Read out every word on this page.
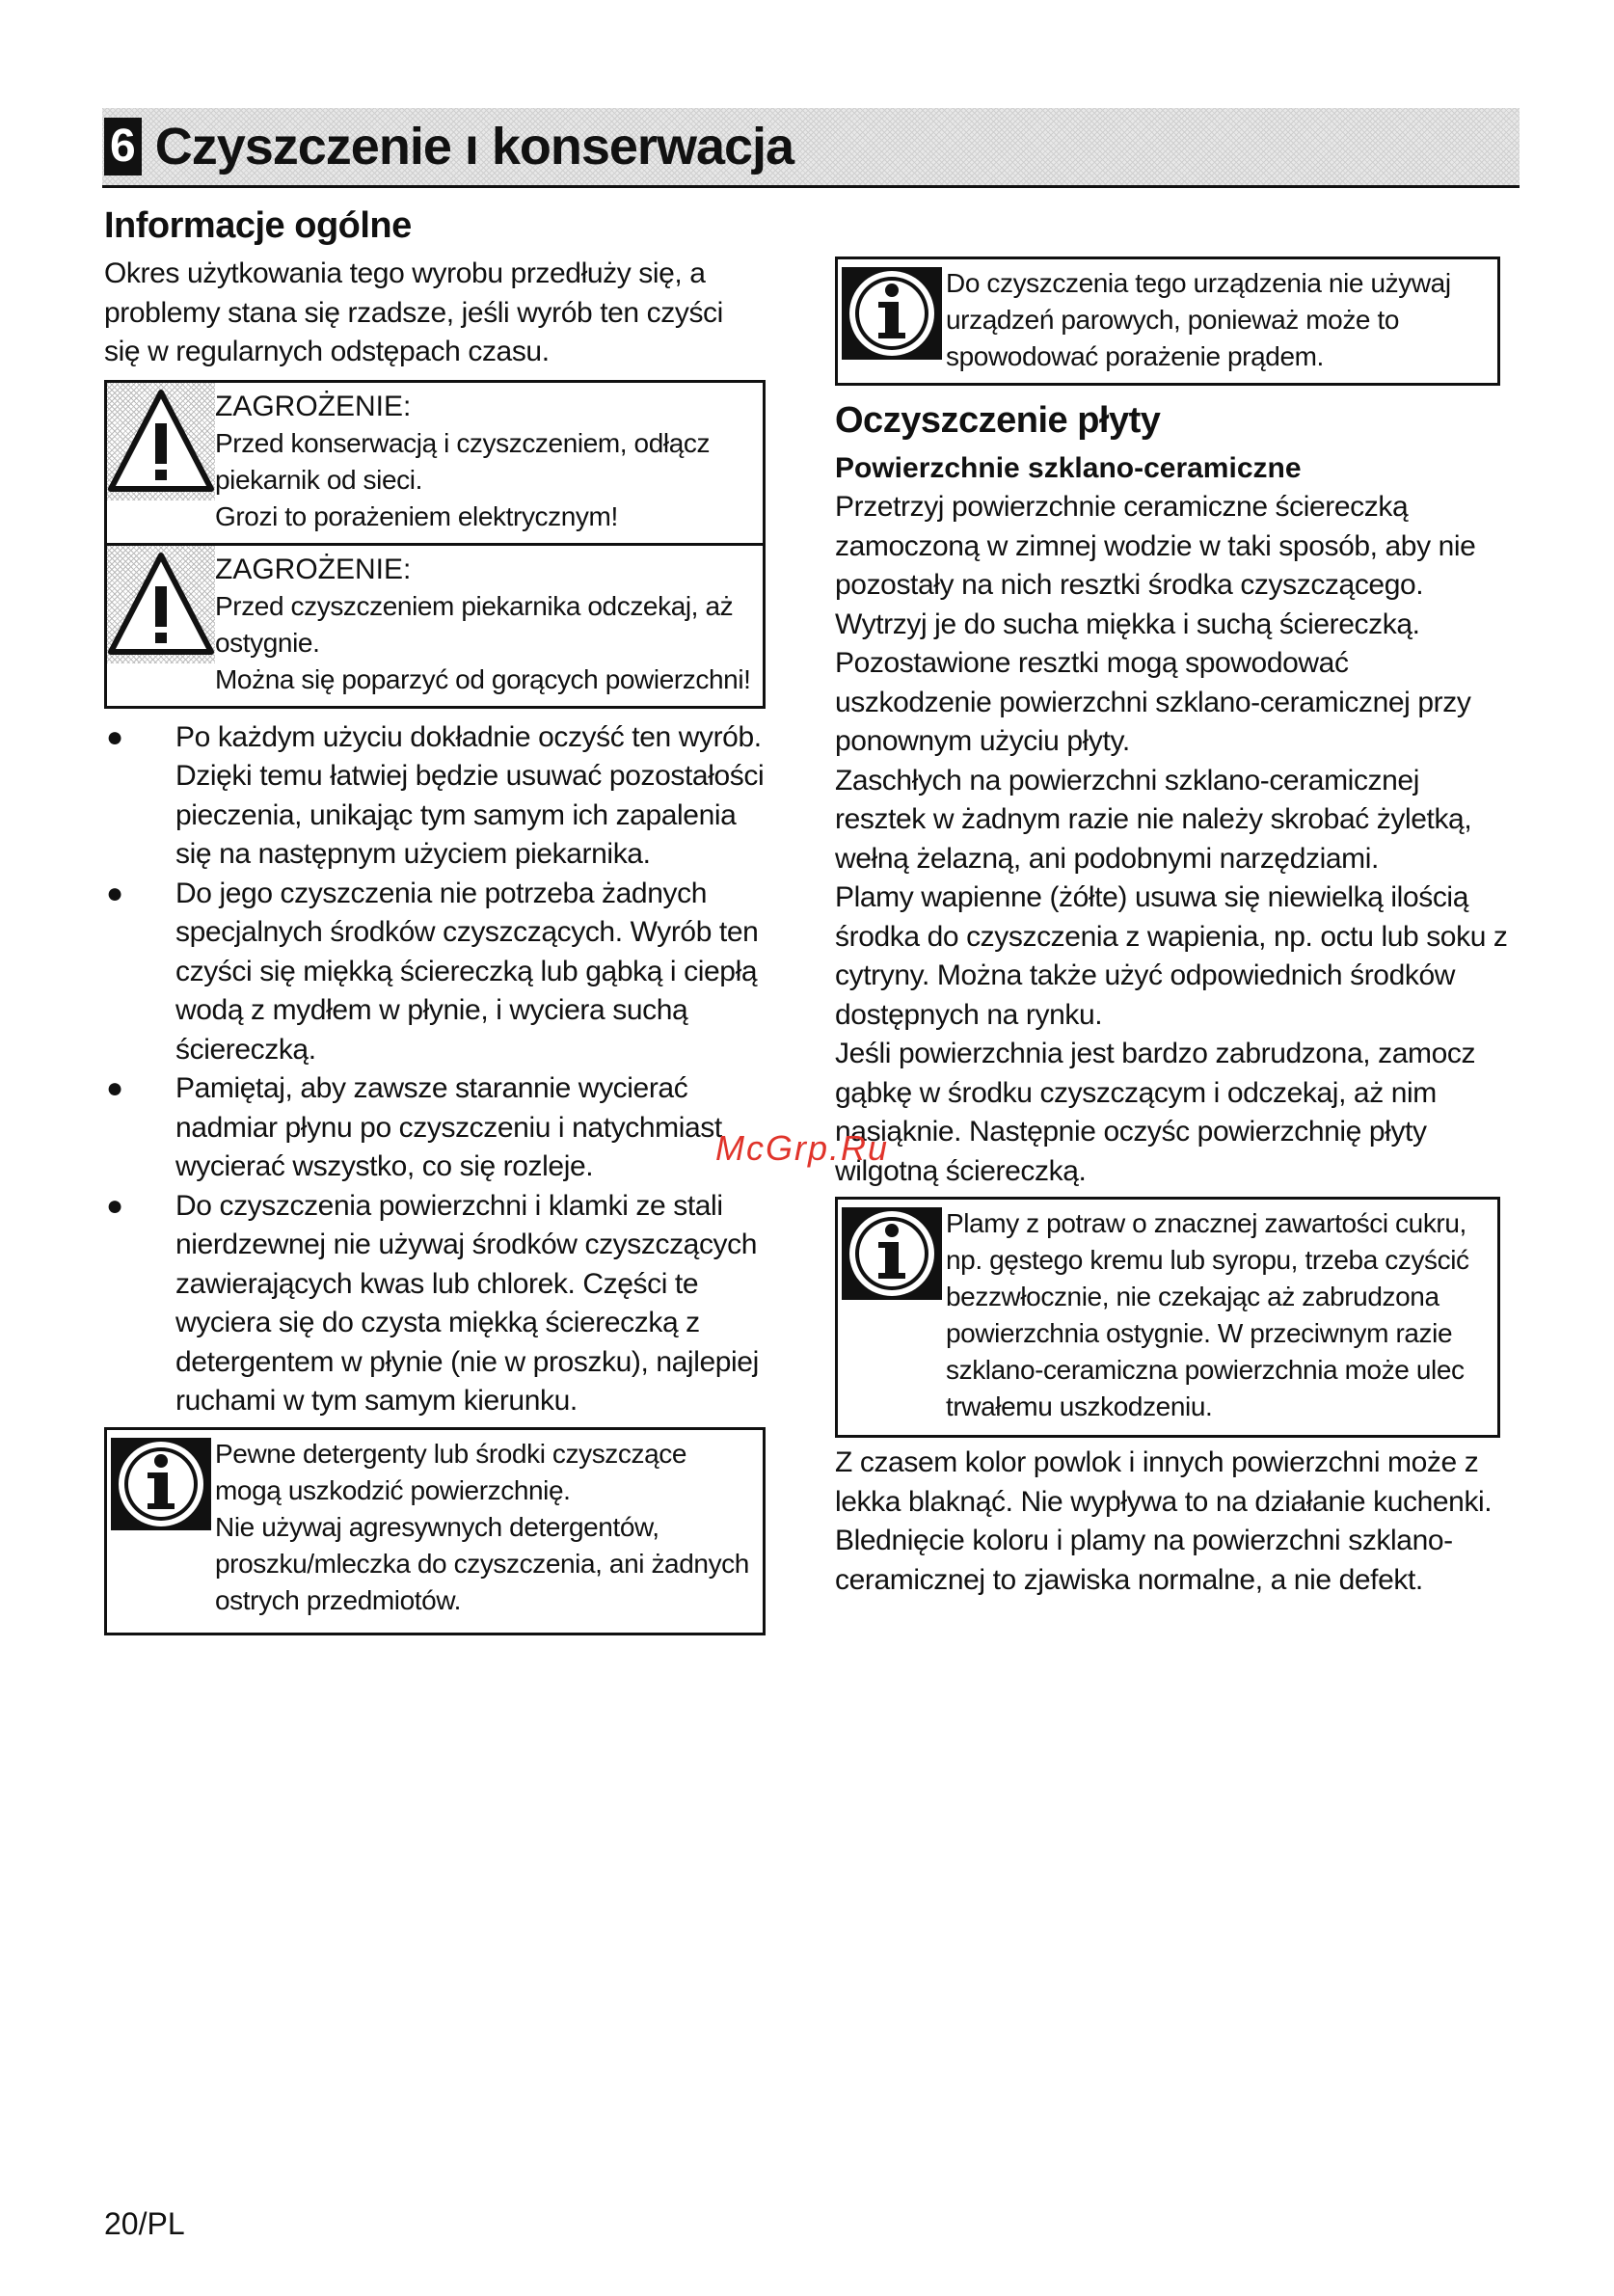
6 Czyszczenie ı konserwacja
Informacje ogólne

Okres użytkowania tego wyrobu przedłuży się, a problemy stana się rzadsze, jeśli wyrób ten czyści się w regularnych odstępach czasu.

ZAGROŻENIE:
Przed konserwacją i czyszczeniem, odłącz piekarnik od sieci.
Grozi to porażeniem elektrycznym!
ZAGROŻENIE:
Przed czyszczeniem piekarnika odczekaj, aż ostygnie.
Można się poparzyć od gorących powierzchni!
● Po każdym użyciu dokładnie oczyść ten wyrób. Dzięki temu łatwiej będzie usuwać pozostałości pieczenia, unikając tym samym ich zapalenia się na następnym użyciem piekarnika.
● Do jego czyszczenia nie potrzeba żadnych specjalnych środków czyszczących. Wyrób ten czyści się miękką ściereczką lub gąbką i ciepłą wodą z mydłem w płynie, i wyciera suchą ściereczką.
● Pamiętaj, aby zawsze starannie wycierać nadmiar płynu po czyszczeniu i natychmiast wycierać wszystko, co się rozleje.
● Do czyszczenia powierzchni i klamki ze stali nierdzewnej nie używaj środków czyszczących zawierających kwas lub chlorek. Części te wyciera się do czysta miękką ściereczką z detergentem w płynie (nie w proszku), najlepiej ruchami w tym samym kierunku.
Pewne detergenty lub środki czyszczące mogą uszkodzić powierzchnię.
Nie używaj agresywnych detergentów, proszku/mleczka do czyszczenia, ani żadnych ostrych przedmiotów.
Do czyszczenia tego urządzenia nie używaj urządzeń parowych, ponieważ może to spowodować porażenie prądem.
Oczyszczenie płyty
Powierzchnie szklano-ceramiczne

Przetrzyj powierzchnie ceramiczne ściereczką zamoczoną w zimnej wodzie w taki sposób, aby nie pozostały na nich resztki środka czyszczącego. Wytrzyj je do sucha miękka i suchą ściereczką. Pozostawione resztki mogą spowodować uszkodzenie powierzchni szklano-ceramicznej przy ponownym użyciu płyty.

Zaschłych na powierzchni szklano-ceramicznej resztek w żadnym razie nie należy skrobać żyletką, wełną żelazną, ani podobnymi narzędziami.

Plamy wapienne (żółte) usuwa się niewielką ilością środka do czyszczenia z wapienia, np. octu lub soku z cytryny. Można także użyć odpowiednich środków dostępnych na rynku.

Jeśli powierzchnia jest bardzo zabrudzona, zamocz gąbkę w środku czyszczącym i odczekaj, aż nim nasiąknie. Następnie oczyśc powierzchnię płyty wilgotną ściereczką.

Plamy z potraw o znacznej zawartości cukru, np. gęstego kremu lub syropu, trzeba czyścić bezzwłocznie, nie czekając aż zabrudzona powierzchnia ostygnie. W przeciwnym razie szklano-ceramiczna powierzchnia może ulec trwałemu uszkodzeniu.

Z czasem kolor powlok i innych powierzchni może z lekka blaknąć. Nie wypływa to na działanie kuchenki. Blednięcie koloru i plamy na powierzchni szklano-ceramicznej to zjawiska normalne, a nie defekt.

McGrp.Ru
20/PL
